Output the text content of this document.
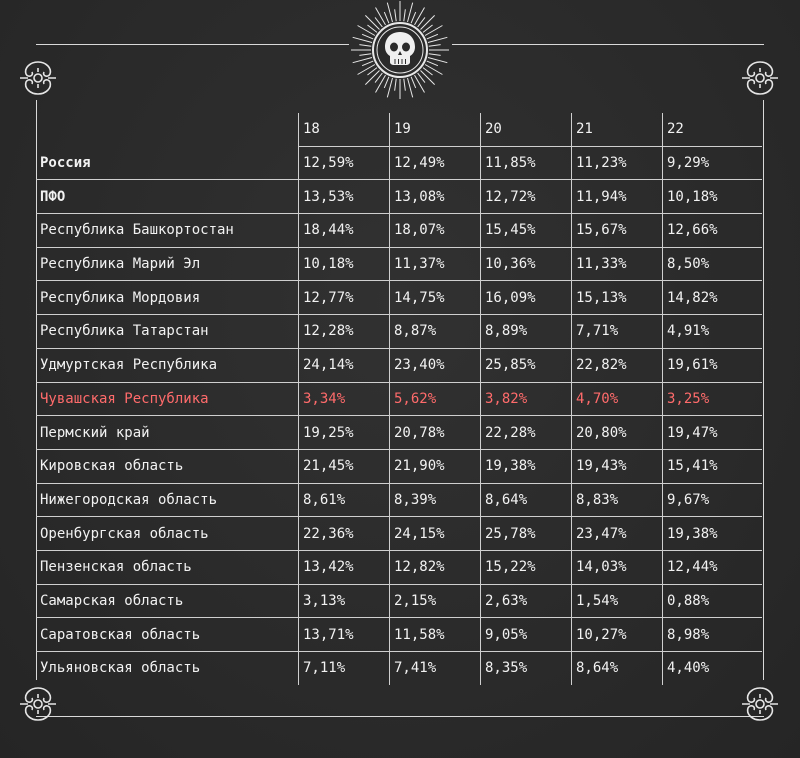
	18	19	20	21	22
Россия	12,59%	12,49%	11,85%	11,23%	9,29%
ПФО	13,53%	13,08%	12,72%	11,94%	10,18%
Республика Башкортостан	18,44%	18,07%	15,45%	15,67%	12,66%
Республика Марий Эл	10,18%	11,37%	10,36%	11,33%	8,50%
Республика Мордовия	12,77%	14,75%	16,09%	15,13%	14,82%
Республика Татарстан	12,28%	8,87%	8,89%	7,71%	4,91%
Удмуртская Республика	24,14%	23,40%	25,85%	22,82%	19,61%
Чувашская Республика	3,34%	5,62%	3,82%	4,70%	3,25%
Пермский край	19,25%	20,78%	22,28%	20,80%	19,47%
Кировская область	21,45%	21,90%	19,38%	19,43%	15,41%
Нижегородская область	8,61%	8,39%	8,64%	8,83%	9,67%
Оренбургская область	22,36%	24,15%	25,78%	23,47%	19,38%
Пензенская область	13,42%	12,82%	15,22%	14,03%	12,44%
Самарская область	3,13%	2,15%	2,63%	1,54%	0,88%
Саратовская область	13,71%	11,58%	9,05%	10,27%	8,98%
Ульяновская область	7,11%	7,41%	8,35%	8,64%	4,40%
